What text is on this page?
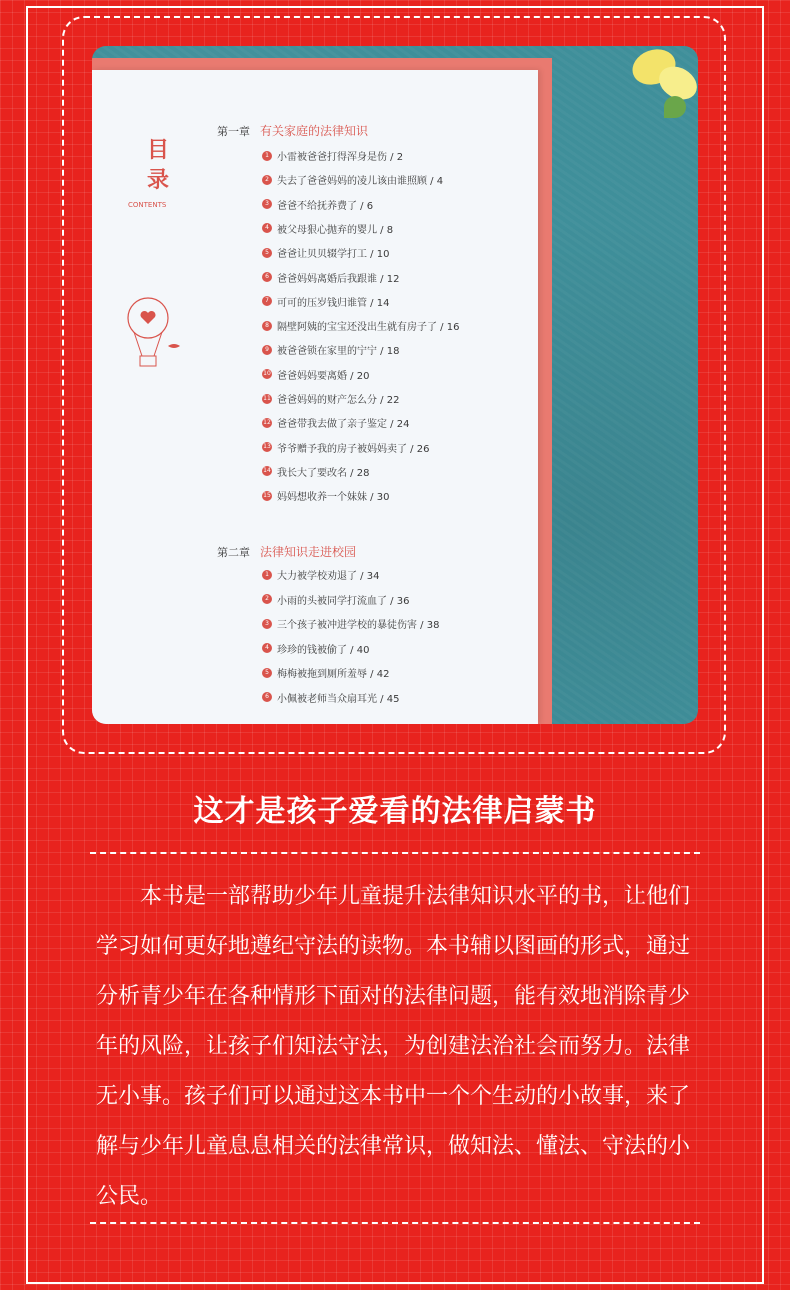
目录
CONTENTS
第一章 有关家庭的法律知识
1 小雷被爸爸打得浑身是伤 / 2
2 失去了爸爸妈妈的凌儿该由谁照顾 / 4
3 爸爸不给抚养费了 / 6
4 被父母狠心抛弃的婴儿 / 8
5 爸爸让贝贝辍学打工 / 10
6 爸爸妈妈离婚后我跟谁 / 12
7 可可的压岁钱归谁管 / 14
8 隔壁阿姨的宝宝还没出生就有房子了 / 16
9 被爸爸锁在家里的宁宁 / 18
10 爸爸妈妈要离婚 / 20
11 爸爸妈妈的财产怎么分 / 22
12 爸爸带我去做了亲子鉴定 / 24
13 爷爷赠予我的房子被妈妈卖了 / 26
14 我长大了要改名 / 28
15 妈妈想收养一个妹妹 / 30
第二章 法律知识走进校园
1 大力被学校劝退了 / 34
2 小雨的头被同学打流血了 / 36
3 三个孩子被冲进学校的暴徒伤害 / 38
4 珍珍的钱被偷了 / 40
5 梅梅被拖到厕所羞辱 / 42
6 小佩被老师当众扇耳光 / 45
这才是孩子爱看的法律启蒙书

本书是一部帮助少年儿童提升法律知识水平的书，让他们学习如何更好地遵纪守法的读物。本书辅以图画的形式，通过分析青少年在各种情形下面对的法律问题，能有效地消除青少年的风险，让孩子们知法守法，为创建法治社会而努力。法律无小事。孩子们可以通过这本书中一个个生动的小故事，来了解与少年儿童息息相关的法律常识，做知法、懂法、守法的小公民。
